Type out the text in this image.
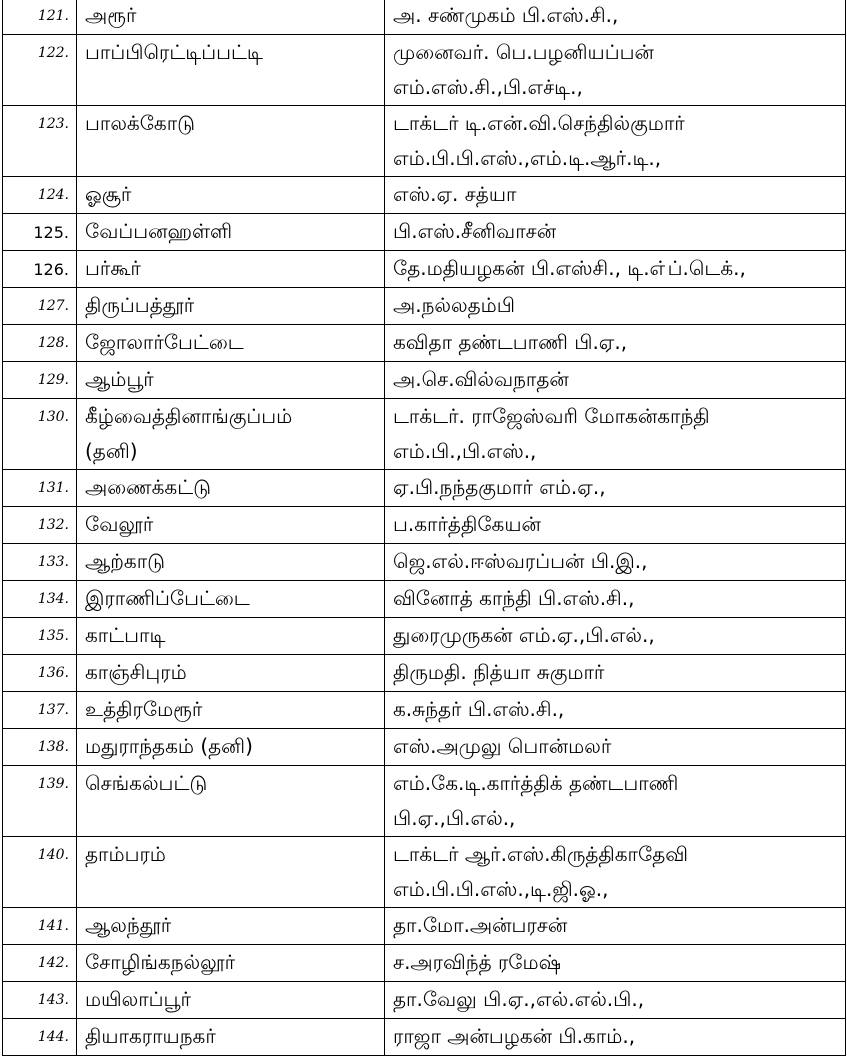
121.	அரூர்	அ. சண்முகம் பி.எஸ்.சி.,

122.	பாப்பிரெட்டிப்பட்டி	முனைவர். பெ.பழனியப்பன்
எம்.எஸ்.சி.,பி.எச்டி.,

123.	பாலக்கோடு	டாக்டர் டி.என்.வி.செந்தில்குமார்
எம்.பி.பி.எஸ்.,எம்.டி.ஆர்.டி.,

124.	ஓசூர்	எஸ்.ஏ. சத்யா

125.	வேப்பனஹள்ளி	பி.எஸ்.சீனிவாசன்

126.	பர்கூர்	தே.மதியழகன் பி.எஸ்சி., டி.எ்ப்.டெக்.,

127.	திருப்பத்தூர்	அ.நல்லதம்பி

128.	ஜோலார்பேட்டை	கவிதா தண்டபாணி பி.ஏ.,

129.	ஆம்பூர்	அ.செ.வில்வநாதன்

130.	கீழ்வைத்தினாங்குப்பம்
(தனி)	டாக்டர். ராஜேஸ்வரி மோகன்காந்தி
எம்.பி.,பி.எஸ்.,

131.	அணைக்கட்டு	ஏ.பி.நந்தகுமார் எம்.ஏ.,

132.	வேலூர்	ப.கார்த்திகேயன்

133.	ஆற்காடு	ஜெ.எல்.ஈஸ்வரப்பன் பி.இ.,

134.	இராணிப்பேட்டை	வினோத் காந்தி பி.எஸ்.சி.,

135.	காட்பாடி	துரைமுருகன் எம்.ஏ.,பி.எல்.,

136.	காஞ்சிபுரம்	திருமதி. நித்யா சுகுமார்

137.	உத்திரமேரூர்	க.சுந்தர் பி.எஸ்.சி.,

138.	மதுராந்தகம் (தனி)	எஸ்.அமுலு பொன்மலர்

139.	செங்கல்பட்டு	எம்.கே.டி.கார்த்திக் தண்டபாணி
பி.ஏ.,பி.எல்.,

140.	தாம்பரம்	டாக்டர் ஆர்.எஸ்.கிருத்திகாதேவி
எம்.பி.பி.எஸ்.,டி.ஜி.ஓ.,

141.	ஆலந்தூர்	தா.மோ.அன்பரசன்

142.	சோழிங்கநல்லூர்	ச.அரவிந்த் ரமேஷ்

143.	மயிலாப்பூர்	தா.வேலு பி.ஏ.,எல்.எல்.பி.,

144.	தியாகராயநகர்	ராஜா அன்பழகன் பி.காம்.,
